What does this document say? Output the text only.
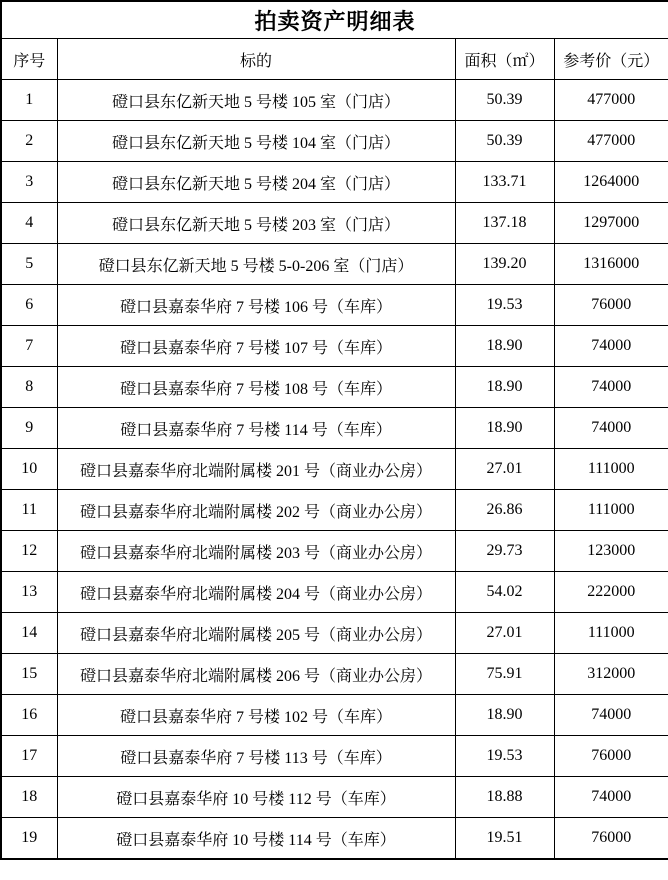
拍卖资产明细表			
序号	标的	面积（㎡）	参考价（元）
1	磴口县东亿新天地 5 号楼 105 室（门店）	50.39	477000
2	磴口县东亿新天地 5 号楼 104 室（门店）	50.39	477000
3	磴口县东亿新天地 5 号楼 204 室（门店）	133.71	1264000
4	磴口县东亿新天地 5 号楼 203 室（门店）	137.18	1297000
5	磴口县东亿新天地 5 号楼 5-0-206 室（门店）	139.20	1316000
6	磴口县嘉泰华府 7 号楼 106 号（车库）	19.53	76000
7	磴口县嘉泰华府 7 号楼 107 号（车库）	18.90	74000
8	磴口县嘉泰华府 7 号楼 108 号（车库）	18.90	74000
9	磴口县嘉泰华府 7 号楼 114 号（车库）	18.90	74000
10	磴口县嘉泰华府北端附属楼 201 号（商业办公房）	27.01	111000
11	磴口县嘉泰华府北端附属楼 202 号（商业办公房）	26.86	111000
12	磴口县嘉泰华府北端附属楼 203 号（商业办公房）	29.73	123000
13	磴口县嘉泰华府北端附属楼 204 号（商业办公房）	54.02	222000
14	磴口县嘉泰华府北端附属楼 205 号（商业办公房）	27.01	111000
15	磴口县嘉泰华府北端附属楼 206 号（商业办公房）	75.91	312000
16	磴口县嘉泰华府 7 号楼 102 号（车库）	18.90	74000
17	磴口县嘉泰华府 7 号楼 113 号（车库）	19.53	76000
18	磴口县嘉泰华府 10 号楼 112 号（车库）	18.88	74000
19	磴口县嘉泰华府 10 号楼 114 号（车库）	19.51	76000
